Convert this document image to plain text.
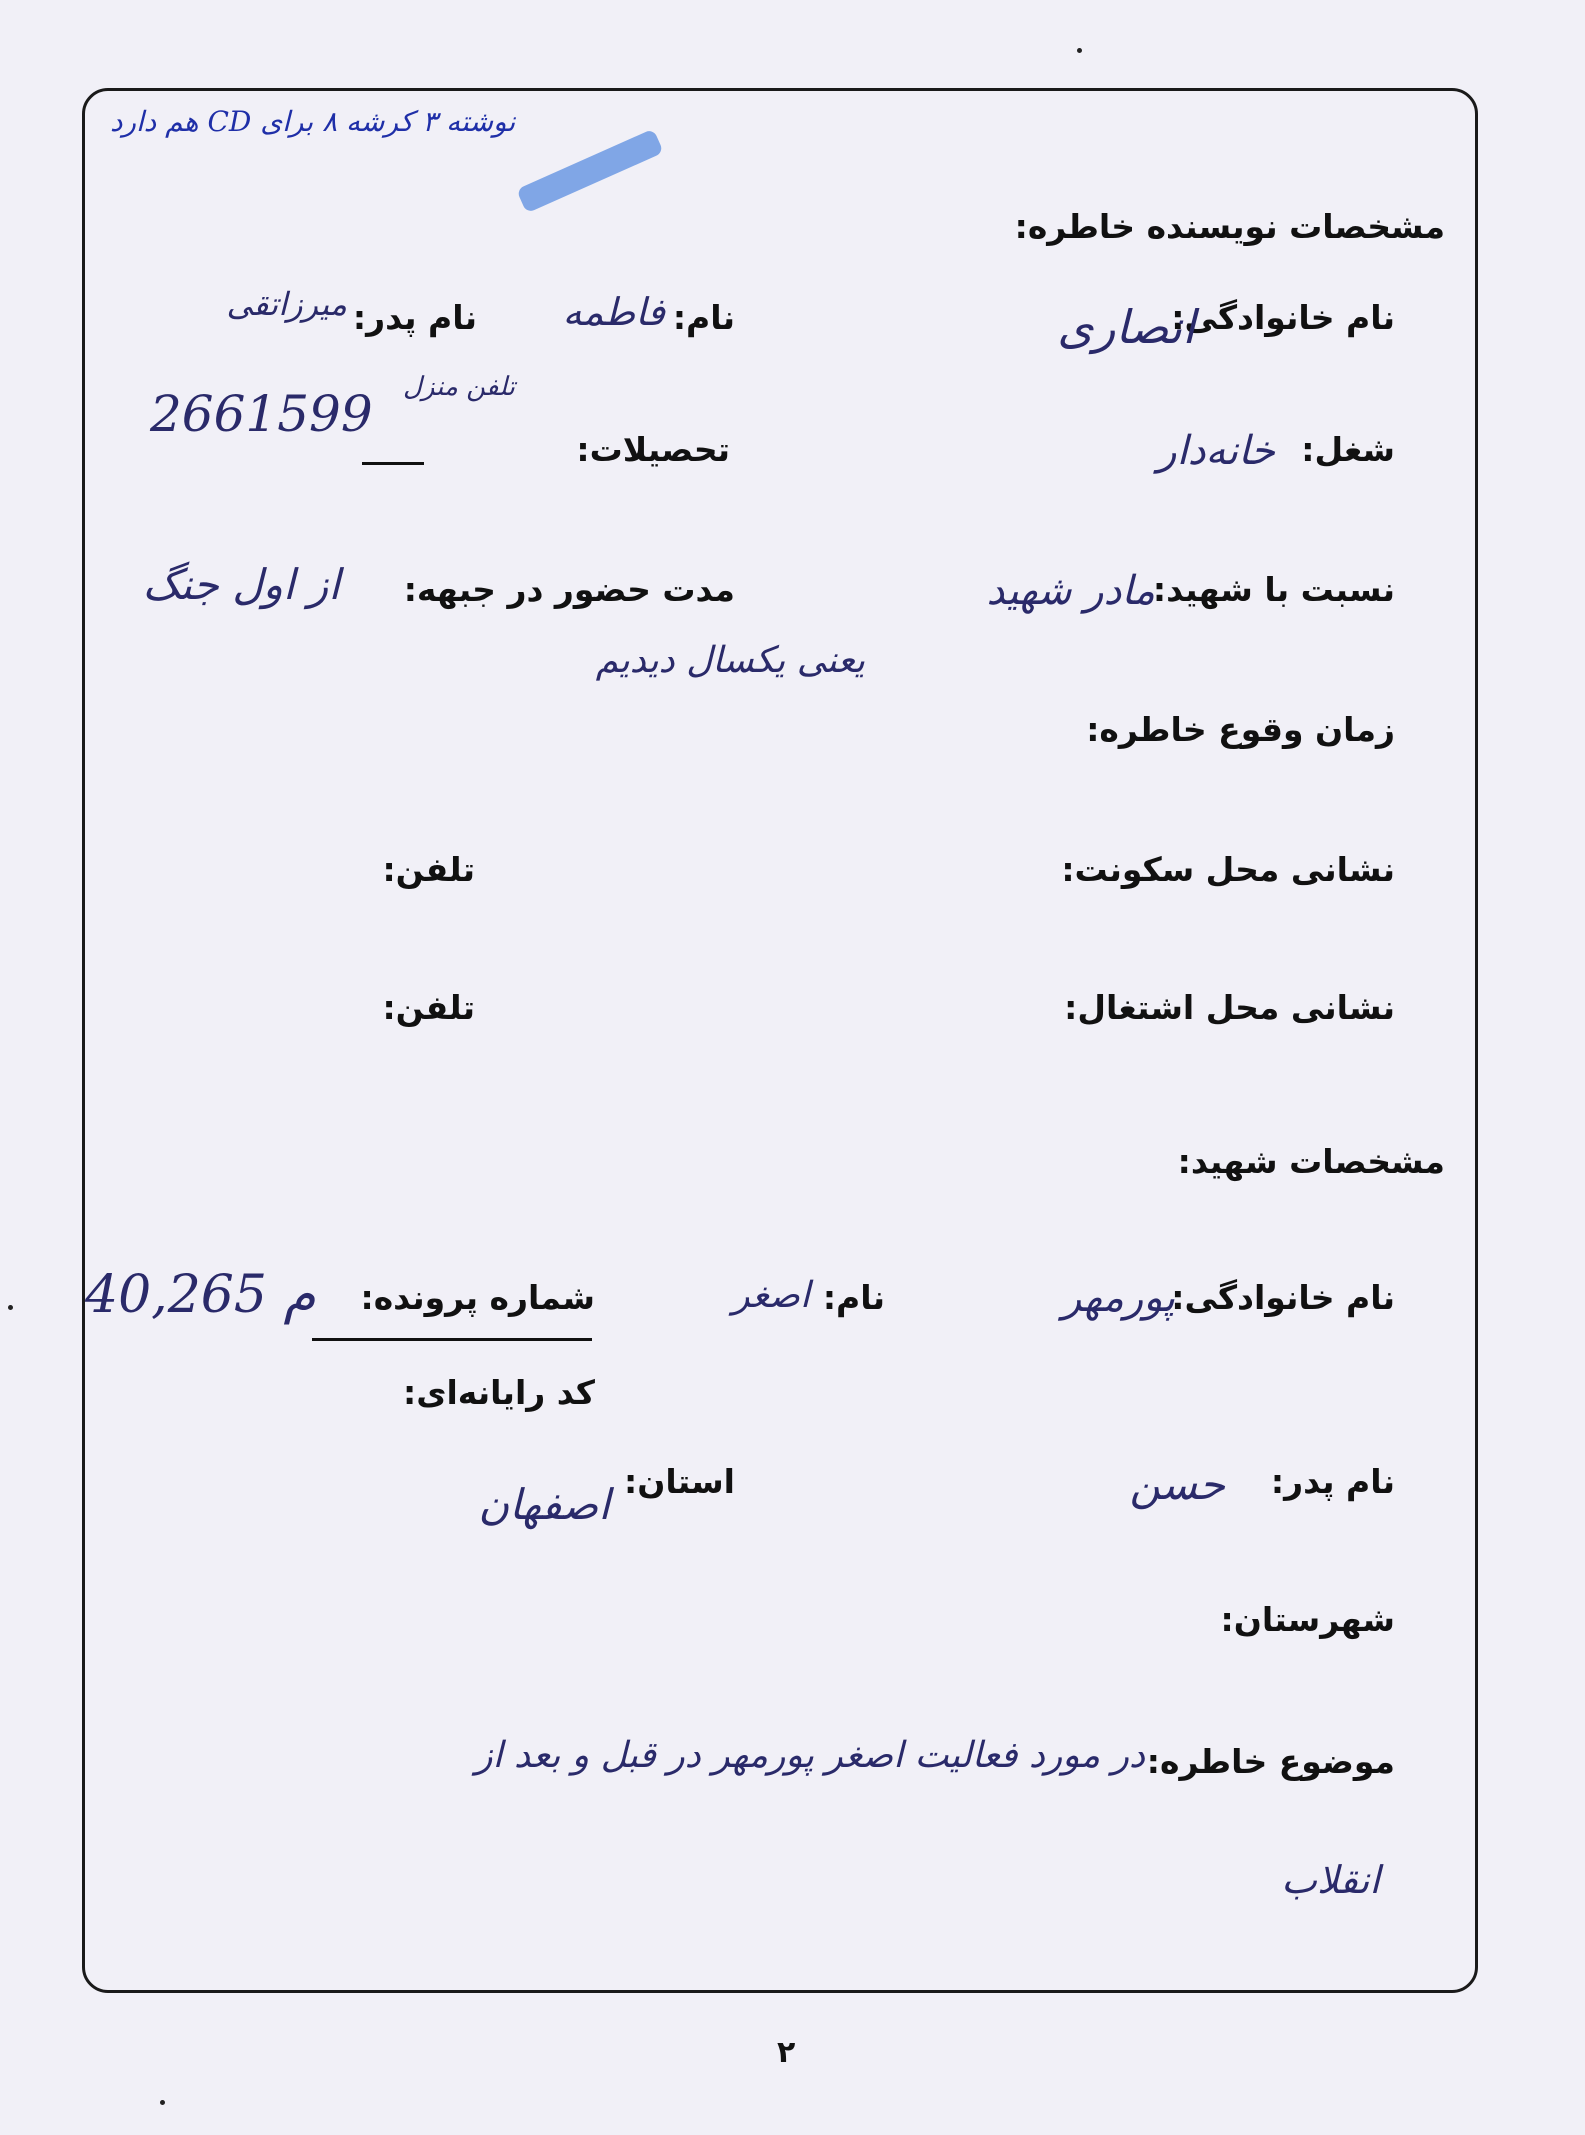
نوشته ۳ کرشه ۸ برای CD هم دارد
مشخصات نویسنده خاطره:
نام خانوادگی:
انصاری
نام:
فاطمه
نام پدر:
میرزاتقی
تلفن منزل
2661599
شغل:
خانه‌دار
تحصیلات:
نسبت با شهید:
مادر شهید
مدت حضور در جبهه:
از اول جنگ
یعنی یکسال دیدیم
زمان وقوع خاطره:
نشانی محل سکونت:
تلفن:
نشانی محل اشتغال:
تلفن:
مشخصات شهید:
نام خانوادگی:
پورمهر
نام:
اصغر
شماره پرونده:
40,265 م
کد رایانه‌ای:
نام پدر:
حسن
استان:
اصفهان
شهرستان:
موضوع خاطره:
در مورد فعالیت اصغر پورمهر در قبل و بعد از
انقلاب
۲
